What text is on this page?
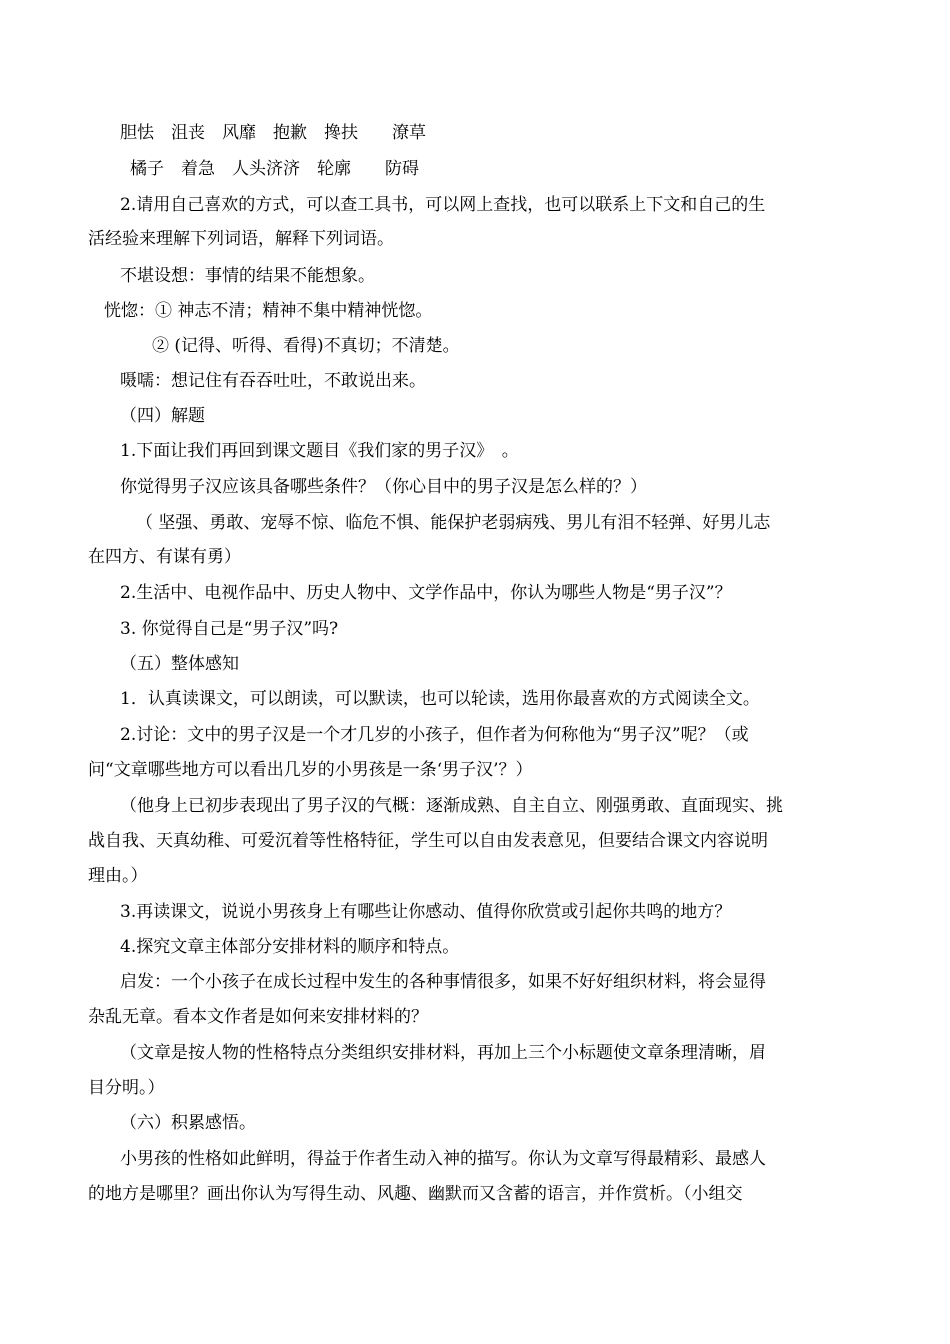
胆怯　沮丧　风靡　抱歉　搀扶　　潦草
橘子　着急　人头济济　轮廓　　防碍
2.请用自己喜欢的方式，可以查工具书，可以网上查找，也可以联系上下文和自己的生
活经验来理解下列词语，解释下列词语。
不堪设想：事情的结果不能想象。
恍惚：① 神志不清；精神不集中精神恍惚。
② (记得、听得、看得)不真切；不清楚。
嗫嚅：想记住有吞吞吐吐，不敢说出来。
（四）解题
1.下面让我们再回到课文题目《我们家的男子汉》　。
你觉得男子汉应该具备哪些条件？（你心目中的男子汉是怎么样的？）
（ 坚强、勇敢、宠辱不惊、临危不惧、能保护老弱病残、男儿有泪不轻弹、好男儿志
在四方、有谋有勇）
2.生活中、电视作品中、历史人物中、文学作品中，你认为哪些人物是“男子汉”？
3. 你觉得自己是“男子汉”吗?
（五）整体感知
1．认真读课文，可以朗读，可以默读，也可以轮读，选用你最喜欢的方式阅读全文。
2.讨论：文中的男子汉是一个才几岁的小孩子，但作者为何称他为“男子汉”呢？（或
问“文章哪些地方可以看出几岁的小男孩是一条‘男子汉’？）
（他身上已初步表现出了男子汉的气概：逐渐成熟、自主自立、刚强勇敢、直面现实、挑
战自我、天真幼稚、可爱沉着等性格特征，学生可以自由发表意见，但要结合课文内容说明
理由。）
3.再读课文，说说小男孩身上有哪些让你感动、值得你欣赏或引起你共鸣的地方？
4.探究文章主体部分安排材料的顺序和特点。
启发：一个小孩子在成长过程中发生的各种事情很多，如果不好好组织材料，将会显得
杂乱无章。看本文作者是如何来安排材料的？
（文章是按人物的性格特点分类组织安排材料，再加上三个小标题使文章条理清晰，眉
目分明。）
（六）积累感悟。
小男孩的性格如此鲜明，得益于作者生动入神的描写。你认为文章写得最精彩、最感人
的地方是哪里？画出你认为写得生动、风趣、幽默而又含蓄的语言，并作赏析。（小组交
